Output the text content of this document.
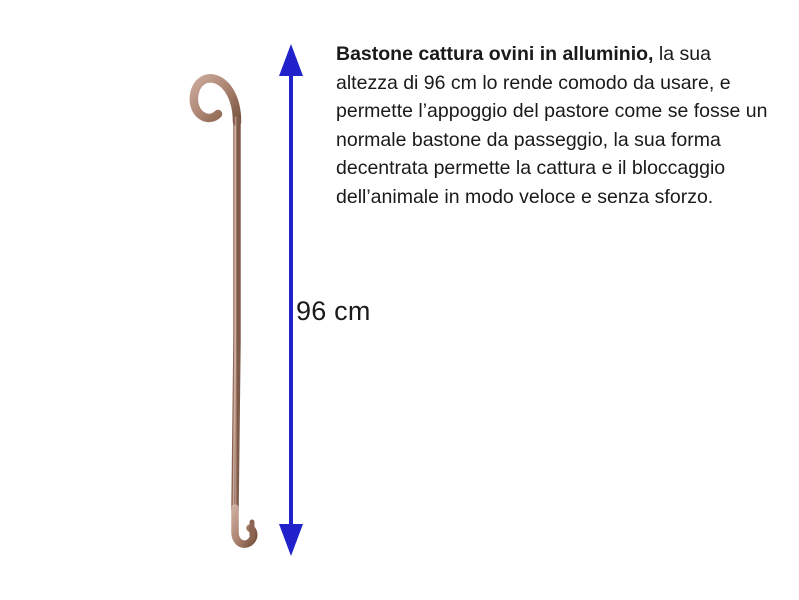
96 cm
Bastone cattura ovini in alluminio, la sua altezza di 96 cm lo rende comodo da usare, e permette l’appoggio del pastore come se fosse un normale bastone da passeggio, la sua forma decentrata permette la cattura e il bloccaggio dell’animale in modo veloce e senza sforzo.
